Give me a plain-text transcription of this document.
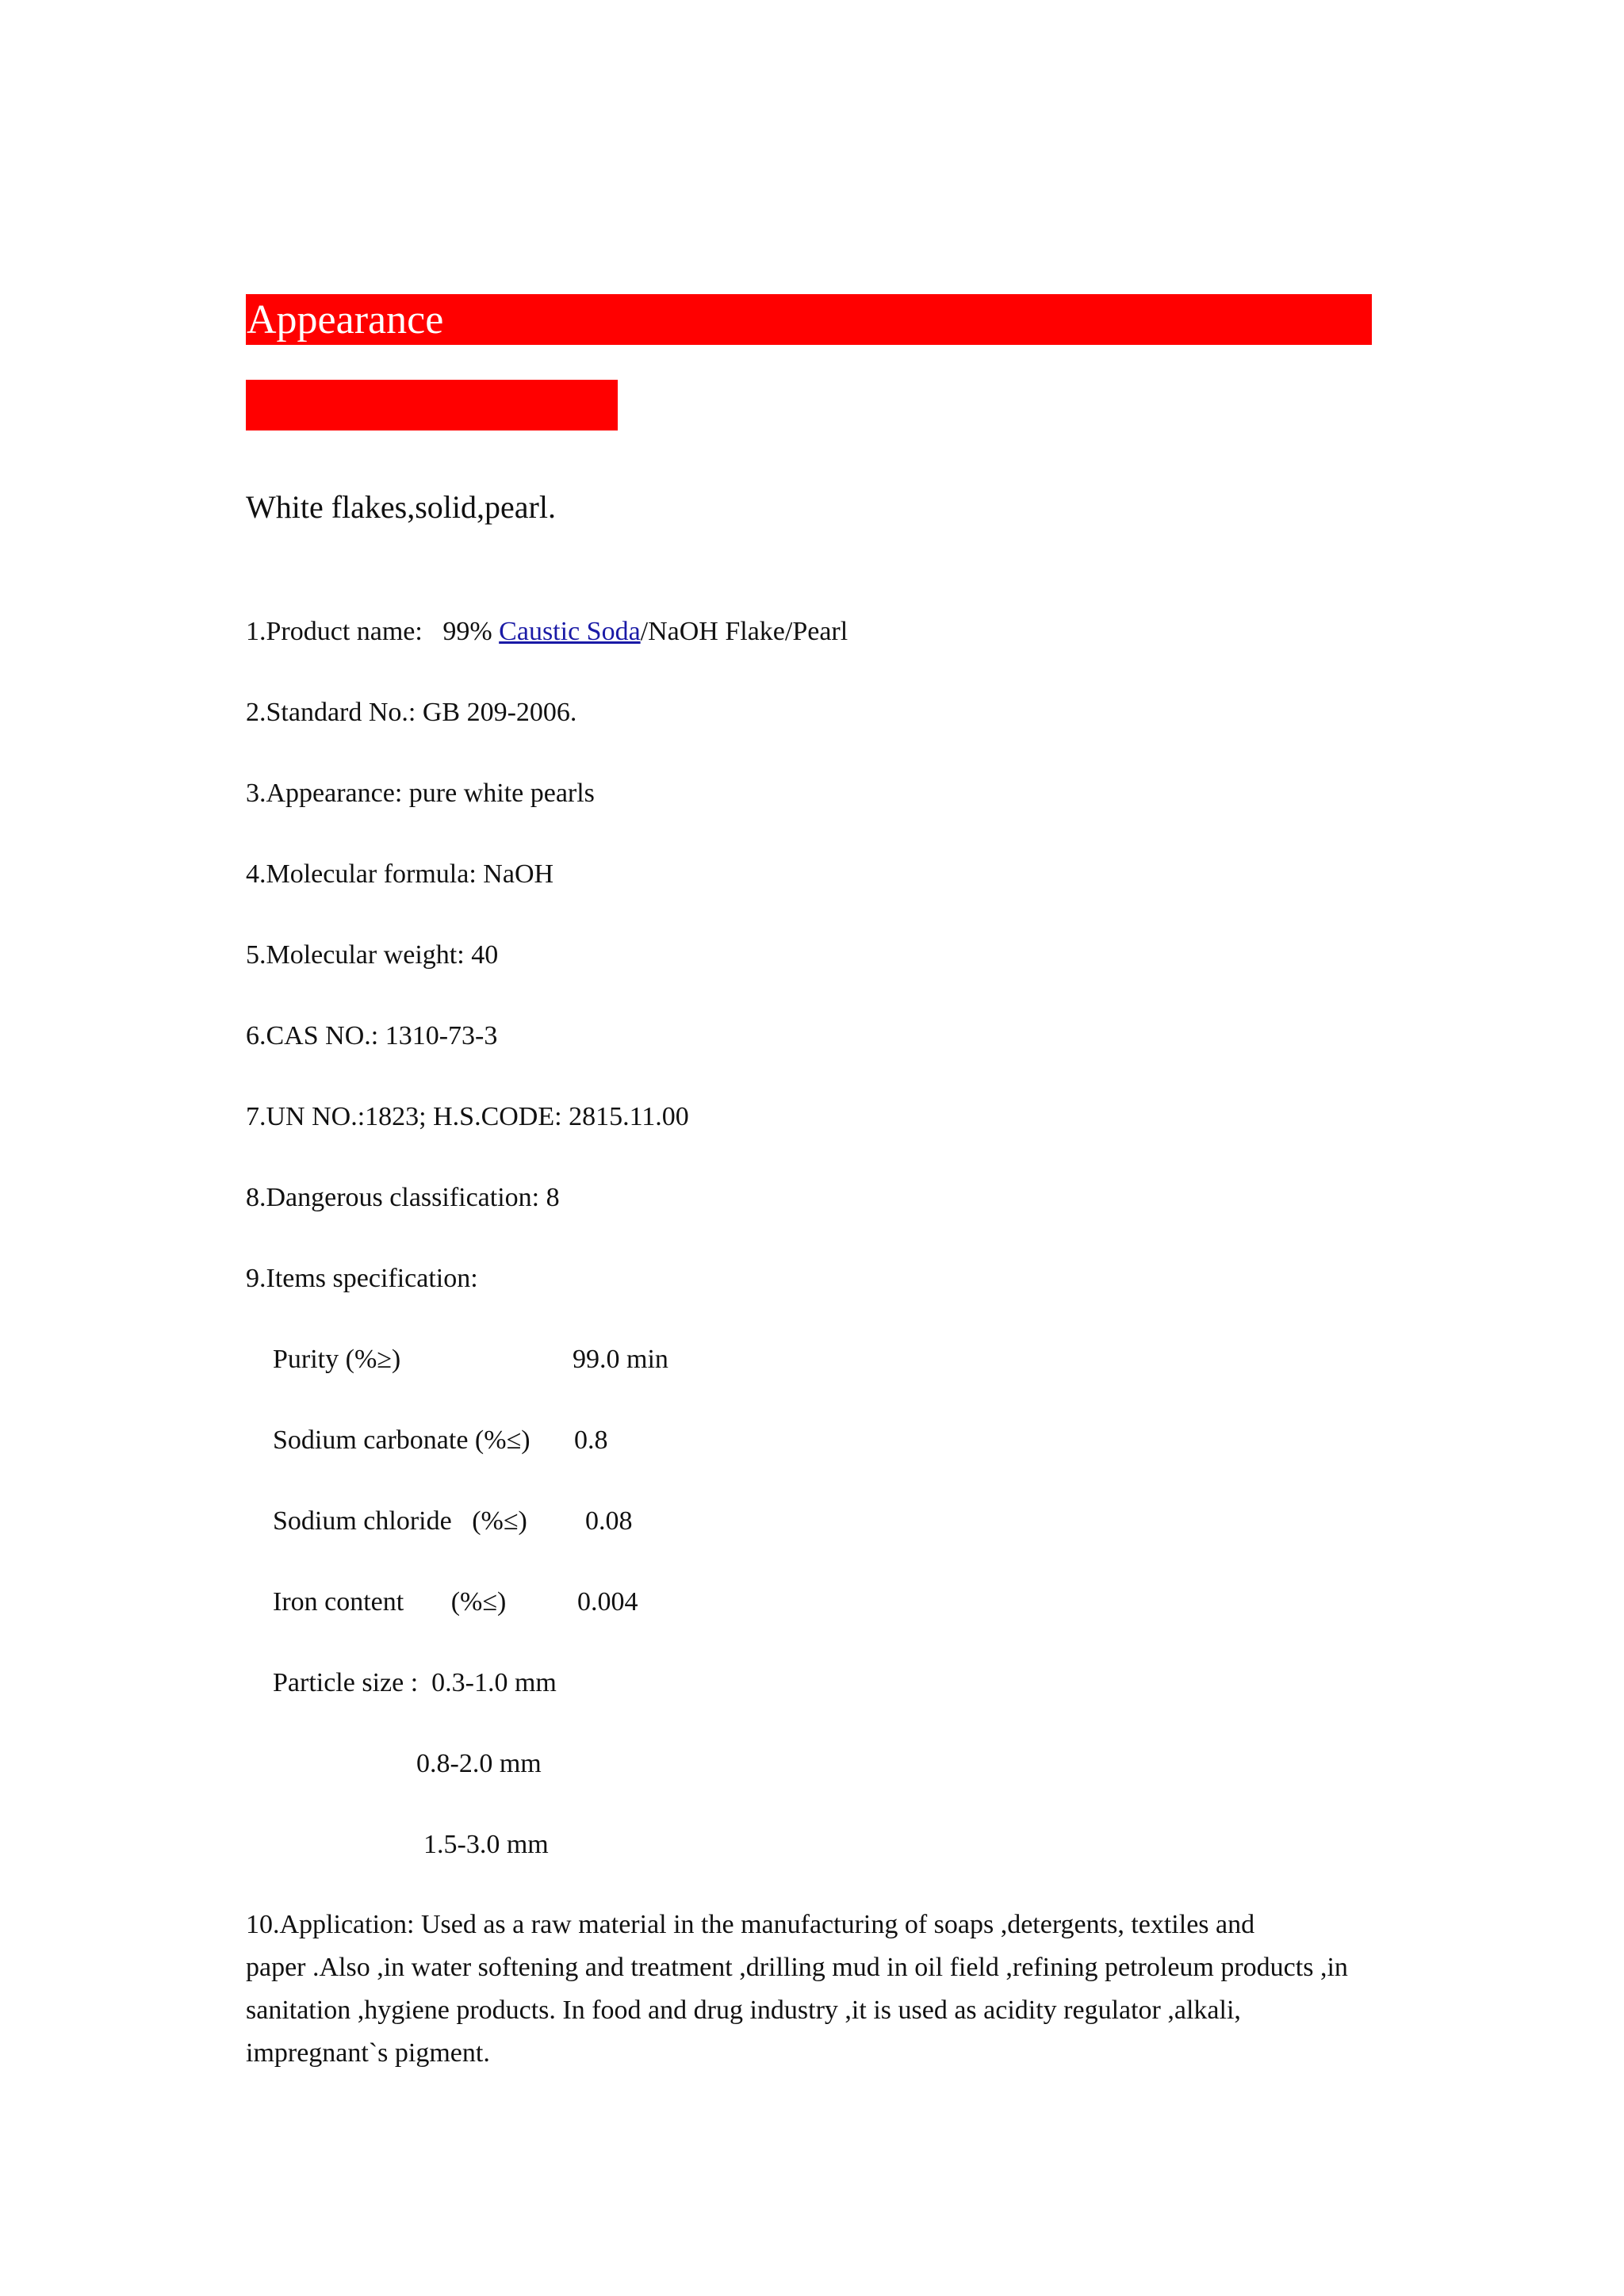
Appearance
White flakes,solid,pearl.
1.Product name:   99% Caustic Soda/NaOH Flake/Pearl
2.Standard No.: GB 209-2006.
3.Appearance: pure white pearls
4.Molecular formula: NaOH
5.Molecular weight: 40
6.CAS NO.: 1310-73-3
7.UN NO.:1823; H.S.CODE: 2815.11.00
8.Dangerous classification: 8
9.Items specification:
Purity (%≥)	99.0 min
Sodium carbonate (%≤) 0.8
Sodium chloride   (%≤) 0.08
Iron content       (%≤)	0.004
Particle size :  0.3-1.0 mm
0.8-2.0 mm
1.5-3.0 mm
10.Application: Used as a raw material in the manufacturing of soaps ,detergents, textiles and
paper .Also ,in water softening and treatment ,drilling mud in oil field ,refining petroleum products ,in
sanitation ,hygiene products. In food and drug industry ,it is used as acidity regulator ,alkali,
impregnant`s pigment.
